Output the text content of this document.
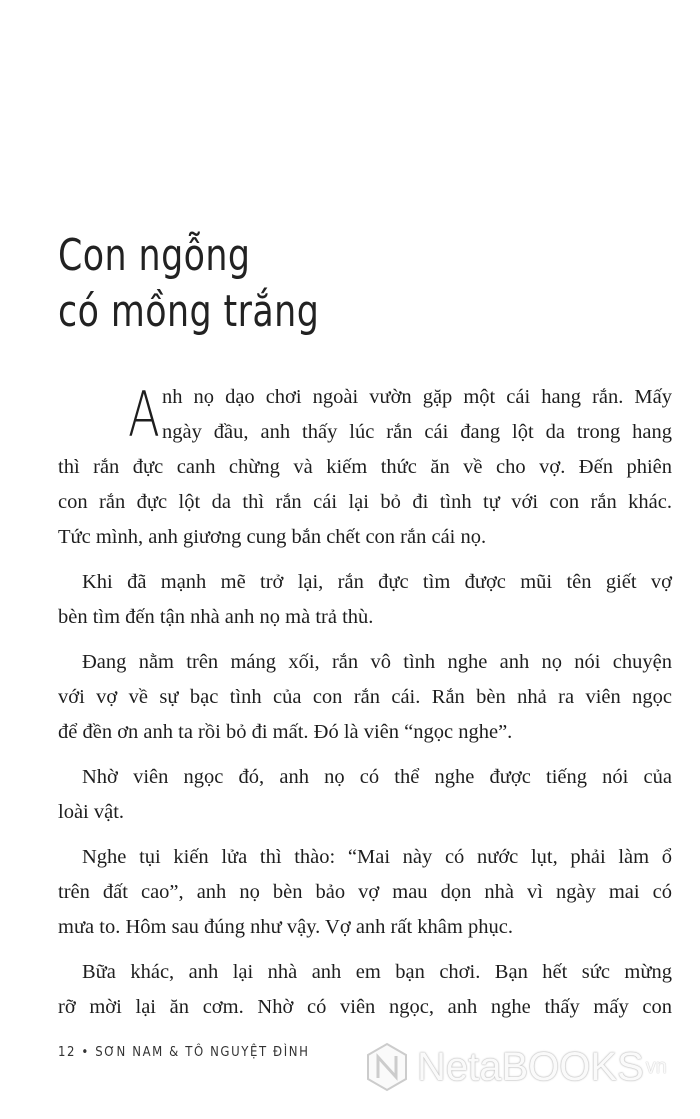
Con ngỗng
có mồng trắng
A nh nọ dạo chơi ngoài vườn gặp một cái hang rắn. Mấy
ngày đầu, anh thấy lúc rắn cái đang lột da trong hang
thì rắn đực canh chừng và kiếm thức ăn về cho vợ. Đến phiên
con rắn đực lột da thì rắn cái lại bỏ đi tình tự với con rắn khác.
Tức mình, anh giương cung bắn chết con rắn cái nọ.
Khi đã mạnh mẽ trở lại, rắn đực tìm được mũi tên giết vợ
bèn tìm đến tận nhà anh nọ mà trả thù.
Đang nằm trên máng xối, rắn vô tình nghe anh nọ nói chuyện
với vợ về sự bạc tình của con rắn cái. Rắn bèn nhả ra viên ngọc
để đền ơn anh ta rồi bỏ đi mất. Đó là viên “ngọc nghe”.
Nhờ viên ngọc đó, anh nọ có thể nghe được tiếng nói của
loài vật.
Nghe tụi kiến lửa thì thào: “Mai này có nước lụt, phải làm ổ
trên đất cao”, anh nọ bèn bảo vợ mau dọn nhà vì ngày mai có
mưa to. Hôm sau đúng như vậy. Vợ anh rất khâm phục.
Bữa khác, anh lại nhà anh em bạn chơi. Bạn hết sức mừng
rỡ mời lại ăn cơm. Nhờ có viên ngọc, anh nghe thấy mấy con
12 • SƠN NAM & TÔ NGUYỆT ĐÌNH	NetaBOOKS vn
